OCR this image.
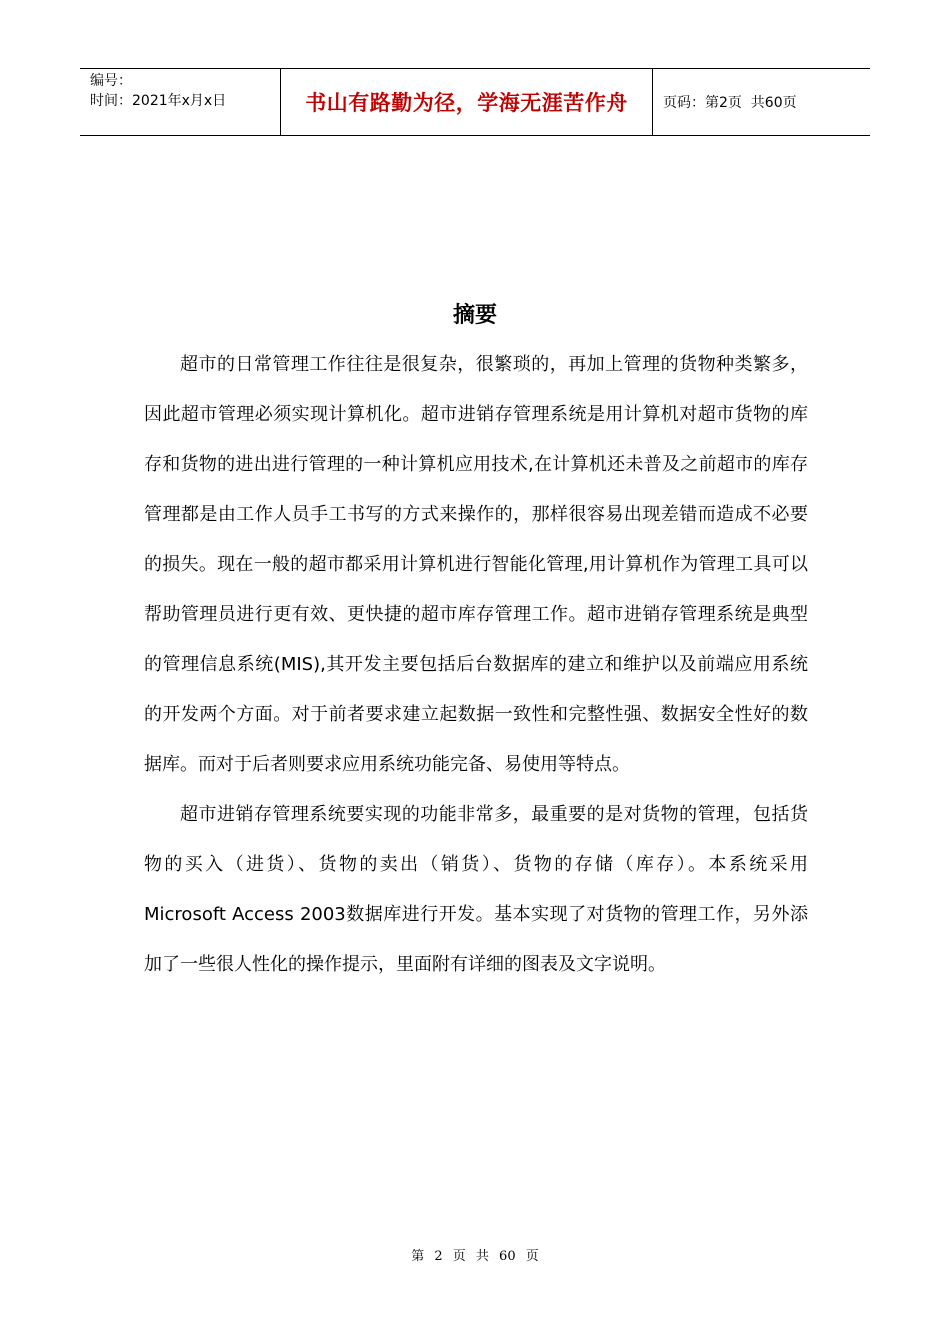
编号：
时间：2021年x月x日	书山有路勤为径，学海无涯苦作舟	页码：第2页  共60页
摘要

超市的日常管理工作往往是很复杂，很繁琐的，再加上管理的货物种类繁多，因此超市管理必须实现计算机化。超市进销存管理系统是用计算机对超市货物的库存和货物的进出进行管理的一种计算机应用技术,在计算机还未普及之前超市的库存管理都是由工作人员手工书写的方式来操作的，那样很容易出现差错而造成不必要的损失。现在一般的超市都采用计算机进行智能化管理,用计算机作为管理工具可以帮助管理员进行更有效、更快捷的超市库存管理工作。超市进销存管理系统是典型的管理信息系统(MIS),其开发主要包括后台数据库的建立和维护以及前端应用系统的开发两个方面。对于前者要求建立起数据一致性和完整性强、数据安全性好的数据库。而对于后者则要求应用系统功能完备、易使用等特点。

超市进销存管理系统要实现的功能非常多，最重要的是对货物的管理，包括货物的买入（进货）、货物的卖出（销货）、货物的存储（库存）。本系统采用Microsoft Access 2003数据库进行开发。基本实现了对货物的管理工作，另外添加了一些很人性化的操作提示，里面附有详细的图表及文字说明。

第 2 页 共 60 页
